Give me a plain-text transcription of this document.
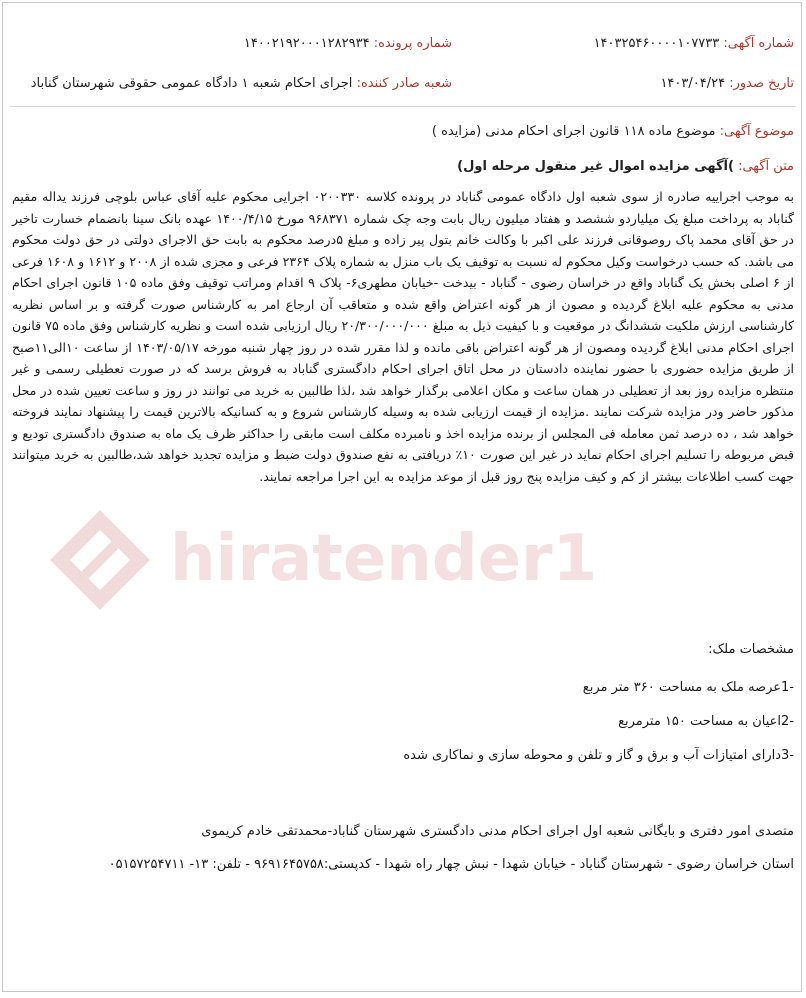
شماره آگهی: ۱۴۰۳۲۵۴۶۰۰۰۰۱۰۷۷۳۳
شماره پرونده: ۱۴۰۰۲۱۹۲۰۰۰۱۲۸۲۹۳۴
تاریخ صدور: ۱۴۰۳/۰۴/۲۴
شعبه صادر کننده: اجرای احکام شعبه ۱ دادگاه عمومی حقوقی شهرستان گناباد
موضوع آگهی: موضوع ماده ۱۱۸ قانون اجرای احکام مدنی (مزایده )
متن آگهی: )آگهی مزایده اموال غیر منقول مرحله اول)
hiratender1
به موجب اجراییه صادره از سوی شعبه اول دادگاه عمومی گناباد در پرونده کلاسه ۰۲۰۰۳۳۰ اجرایی محکوم علیه آقای عباس بلوچی فرزند یداله مقیم گناباد به پرداخت مبلغ یک میلیاردو ششصد و هفتاد میلیون ریال بابت وجه چک شماره ۹۶۸۳۷۱ مورخ ۱۴۰۰/۴/۱۵ عهده بانک سینا بانضمام خسارت تاخیر در حق آقای محمد پاک روصوقانی فرزند علی اکبر با وکالت خانم بتول پیر زاده و مبلغ ۵درصد محکوم به بابت حق الاجرای دولتی در حق دولت محکوم می باشد. که حسب درخواست وکیل محکوم له نسبت به توقیف یک باب منزل به شماره پلاک ۲۳۶۴ فرعی و مجزی شده از ۲۰۰۸ و ۱۶۱۲ و ۱۶۰۸ فرعی از ۶ اصلی بخش یک گناباد واقع در خراسان رضوی - گناباد - بیدخت -خیابان مطهری۶- پلاک ۹ اقدام ومراتب توقیف وفق ماده ۱۰۵ قانون اجرای احکام مدنی به محکوم علیه ابلاغ گردیده و مصون از هر گونه اعتراض واقع شده و متعاقب آن ارجاع امر به کارشناس صورت گرفته و بر اساس نظریه کارشناسی ارزش ملکیت ششدانگ در موقعیت و با کیفیت ذیل به مبلغ ۲۰/۳۰۰/۰۰۰/۰۰۰ ریال ارزیابی شده است و نظریه کارشناس وفق ماده ۷۵ قانون اجرای احکام مدنی ابلاغ گردیده ومصون از هر گونه اعتراض باقی مانده و لذا مقرر شده در روز چهار شنبه مورخه ۱۴۰۳/۰۵/۱۷ از ساعت ۱۰الی۱۱صبح از طریق مزایده حضوری با حضور نماینده دادستان در محل اتاق اجرای احکام دادگستری گناباد به فروش برسد که در صورت تعطیلی رسمی و غیر منتظره مزایده روز بعد از تعطیلی در همان ساعت و مکان اعلامی برگذار خواهد شد ،لذا طالبین به خرید می توانند در روز و ساعت تعیین شده در محل مذکور حاضر ودر مزایده شرکت نمایند .مزایده از قیمت ارزیابی شده به وسیله کارشناس شروع و به کسانیکه بالاترین قیمت را پیشنهاد نمایند فروخته خواهد شد ، ده درصد ثمن معامله فی المجلس از برنده مزایده اخذ و نامبرده مکلف است مابقی را حداکثر ظرف یک ماه به صندوق دادگستری تودیع و قبض مربوطه را تسلیم اجرای احکام نماید در غیر این صورت ۱۰٪ دریافتی به نفع صندوق دولت ضبط و مزایده تجدید خواهد شد،طالبین به خرید میتوانند جهت کسب اطلاعات بیشتر از کم و کیف مزایده پنج روز قبل از موعد مزایده به این اجرا مراجعه نمایند.
مشخصات ملک:
-1عرصه ملک به مساحت ۳۶۰ متر مربع
-2اعیان به مساحت ۱۵۰ مترمربع
-3دارای امتیازات آب و برق و گاز و تلفن و محوطه سازی و نماکاری شده
متصدی امور دفتری و بایگانی شعبه اول اجرای احکام مدنی دادگستری شهرستان گناباد-محمدتقی خادم کریموی
استان خراسان رضوی - شهرستان گناباد - خیابان شهدا - نبش چهار راه شهدا - کدپستی:۹۶۹۱۶۴۵۷۵۸ - تلفن: ۱۳- ۰۵۱۵۷۲۵۴۷۱۱
